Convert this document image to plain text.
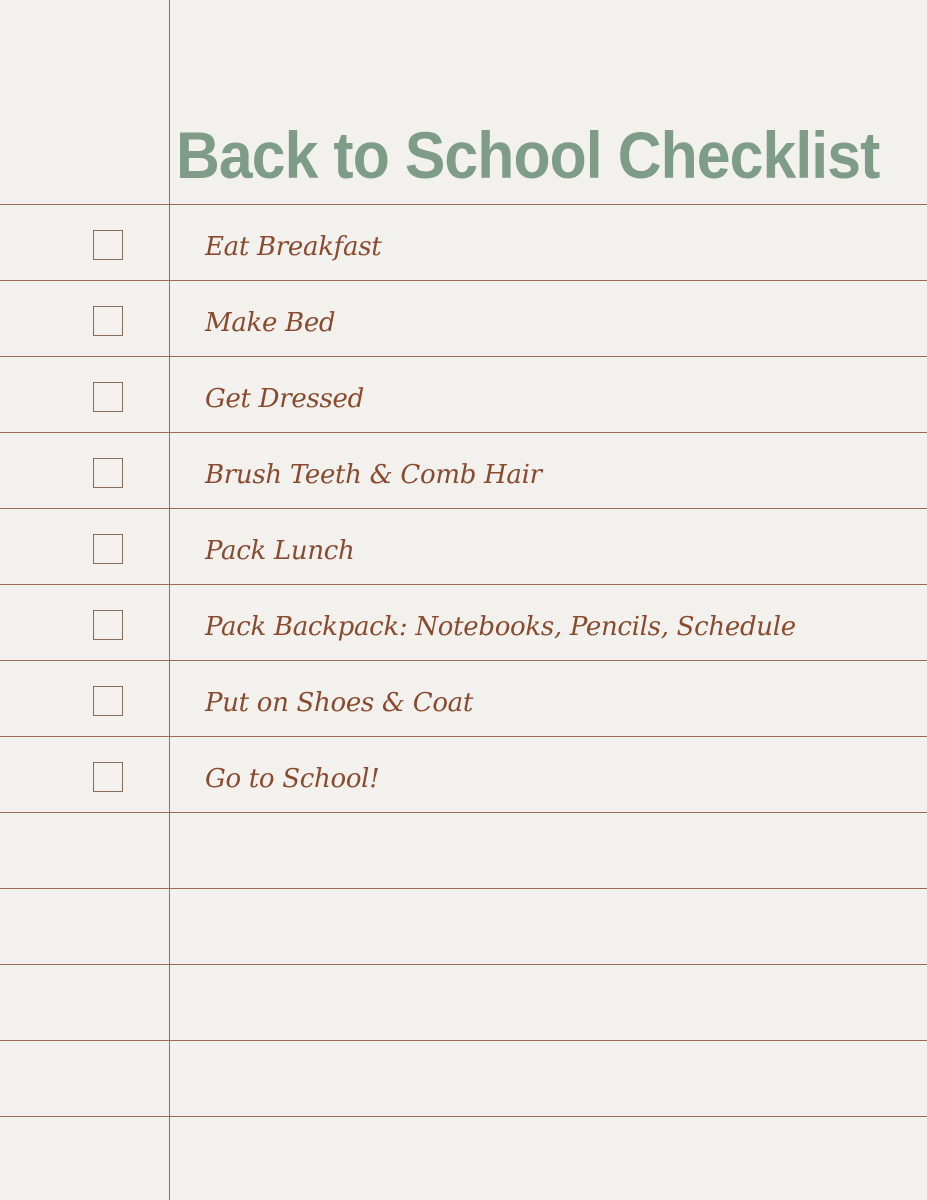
Back to School Checklist
Eat Breakfast
Make Bed
Get Dressed
Brush Teeth & Comb Hair
Pack Lunch
Pack Backpack: Notebooks, Pencils, Schedule
Put on Shoes & Coat
Go to School!
